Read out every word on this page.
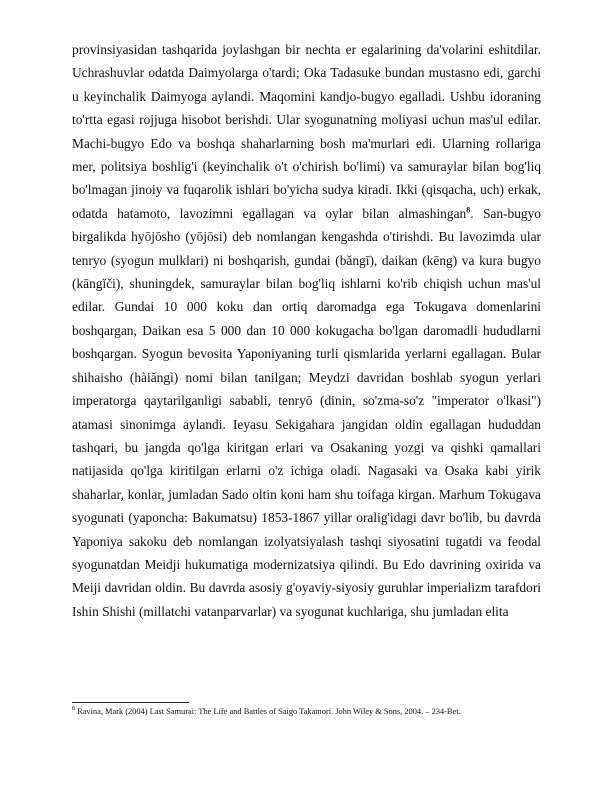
provinsiyasidan tashqarida joylashgan bir nechta er egalarining da'volarini eshitdilar. Uchrashuvlar odatda Daimyolarga o'tardi; Oka Tadasuke bundan mustasno edi, garchi u keyinchalik Daimyoga aylandi. Maqomini kandjo-bugyo egalladi. Ushbu idoraning to'rtta egasi rojjuga hisobot berishdi. Ular syogunatning moliyasi uchun mas'ul edilar. Machi-bugyo Edo va boshqa shaharlarning bosh ma'murlari edi. Ularning rollariga mer, politsiya boshlig'i (keyinchalik o't o'chirish bo'limi) va samuraylar bilan bog'liq bo'lmagan jinoiy va fuqarolik ishlari bo'yicha sudya kiradi. Ikki (qisqacha, uch) erkak, odatda hatamoto, lavozimni egallagan va oylar bilan almashingan$^8$. San-bugyo birgalikda hyōjōsho (yōjōsi) deb nomlangan kengashda o'tirishdi. Bu lavozimda ular tenryo (syogun mulklari) ni boshqarish, gundai (bǎngī), daikan (kēng) va kura bugyo (kāngǐči), shuningdek, samuraylar bilan bog'liq ishlarni ko'rib chiqish uchun mas'ul edilar. Gundai 10 000 koku dan ortiq daromadga ega Tokugava domenlarini boshqargan, Daikan esa 5 000 dan 10 000 kokugacha bo'lgan daromadli hududlarni boshqargan. Syogun bevosita Yaponiyaning turli qismlarida yerlarni egallagan. Bular shihaisho (hàiǎngì) nomi bilan tanilgan; Meydzi davridan boshlab syogun yerlari imperatorga qaytarilganligi sababli, tenryō (dinin, so'zma-so'z "imperator o'lkasi") atamasi sinonimga aylandi. Ieyasu Sekigahara jangidan oldin egallagan hududdan tashqari, bu jangda qo'lga kiritgan erlari va Osakaning yozgi va qishki qamallari natijasida qo'lga kiritilgan erlarni o'z ichiga oladi. Nagasaki va Osaka kabi yirik shaharlar, konlar, jumladan Sado oltin koni ham shu toifaga kirgan. Marhum Tokugava syogunati (yaponcha: Bakumatsu) 1853-1867 yillar oralig'idagi davr bo'lib, bu davrda Yaponiya sakoku deb nomlangan izolyatsiyalash tashqi siyosatini tugatdi va feodal syogunatdan Meidji hukumatiga modernizatsiya qilindi. Bu Edo davrining oxirida va Meiji davridan oldin. Bu davrda asosiy g'oyaviy-siyosiy guruhlar imperializm tarafdori Ishin Shishi (millatchi vatanparvarlar) va syogunat kuchlariga, shu jumladan elita

$^8$ Ravina, Mark (2004) Last Samurai: The Life and Battles of Saigo Takamori. John Wiley & Sons, 2004. – 234-Bet.
